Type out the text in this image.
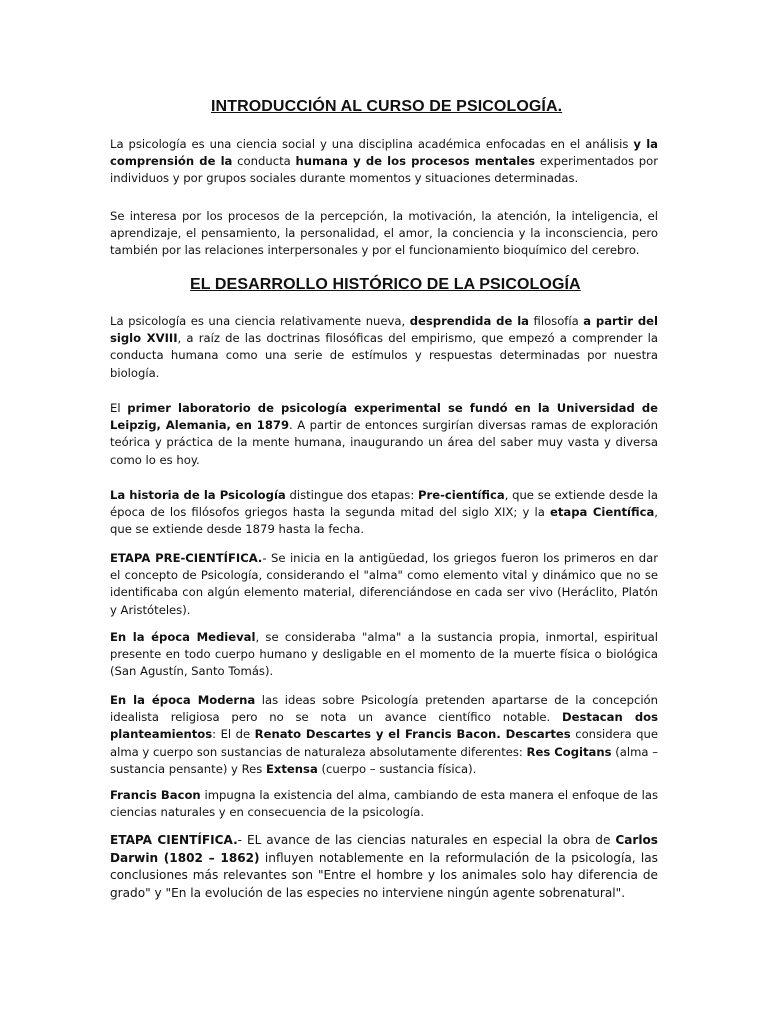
INTRODUCCIÓN AL CURSO DE PSICOLOGÍA.

La psicología es una ciencia social y una disciplina académica enfocadas en el análisis y la comprensión de la conducta humana y de los procesos mentales experimentados por individuos y por grupos sociales durante momentos y situaciones determinadas.

Se interesa por los procesos de la percepción, la motivación, la atención, la inteligencia, el aprendizaje, el pensamiento, la personalidad, el amor, la conciencia y la inconsciencia, pero también por las relaciones interpersonales y por el funcionamiento bioquímico del cerebro.

EL DESARROLLO HISTÓRICO DE LA PSICOLOGÍA

La psicología es una ciencia relativamente nueva, desprendida de la filosofía a partir del siglo XVIII, a raíz de las doctrinas filosóficas del empirismo, que empezó a comprender la conducta humana como una serie de estímulos y respuestas determinadas por nuestra biología.

El primer laboratorio de psicología experimental se fundó en la Universidad de Leipzig, Alemania, en 1879. A partir de entonces surgirían diversas ramas de exploración teórica y práctica de la mente humana, inaugurando un área del saber muy vasta y diversa como lo es hoy.

La historia de la Psicología distingue dos etapas: Pre-científica, que se extiende desde la época de los filósofos griegos hasta la segunda mitad del siglo XIX; y la etapa Científica, que se extiende desde 1879 hasta la fecha.

ETAPA PRE-CIENTÍFICA.- Se inicia en la antigüedad, los griegos fueron los primeros en dar el concepto de Psicología, considerando el "alma" como elemento vital y dinámico que no se identificaba con algún elemento material, diferenciándose en cada ser vivo (Heráclito, Platón y Aristóteles).

En la época Medieval, se consideraba "alma" a la sustancia propia, inmortal, espiritual presente en todo cuerpo humano y desligable en el momento de la muerte física o biológica (San Agustín, Santo Tomás).

En la época Moderna las ideas sobre Psicología pretenden apartarse de la concepción idealista religiosa pero no se nota un avance científico notable. Destacan dos planteamientos: El de Renato Descartes y el Francis Bacon. Descartes considera que alma y cuerpo son sustancias de naturaleza absolutamente diferentes: Res Cogitans (alma – sustancia pensante) y Res Extensa (cuerpo – sustancia física).

Francis Bacon impugna la existencia del alma, cambiando de esta manera el enfoque de las ciencias naturales y en consecuencia de la psicología.

ETAPA CIENTÍFICA.- EL avance de las ciencias naturales en especial la obra de Carlos Darwin (1802 – 1862) influyen notablemente en la reformulación de la psicología, las conclusiones más relevantes son "Entre el hombre y los animales solo hay diferencia de grado" y "En la evolución de las especies no interviene ningún agente sobrenatural".
